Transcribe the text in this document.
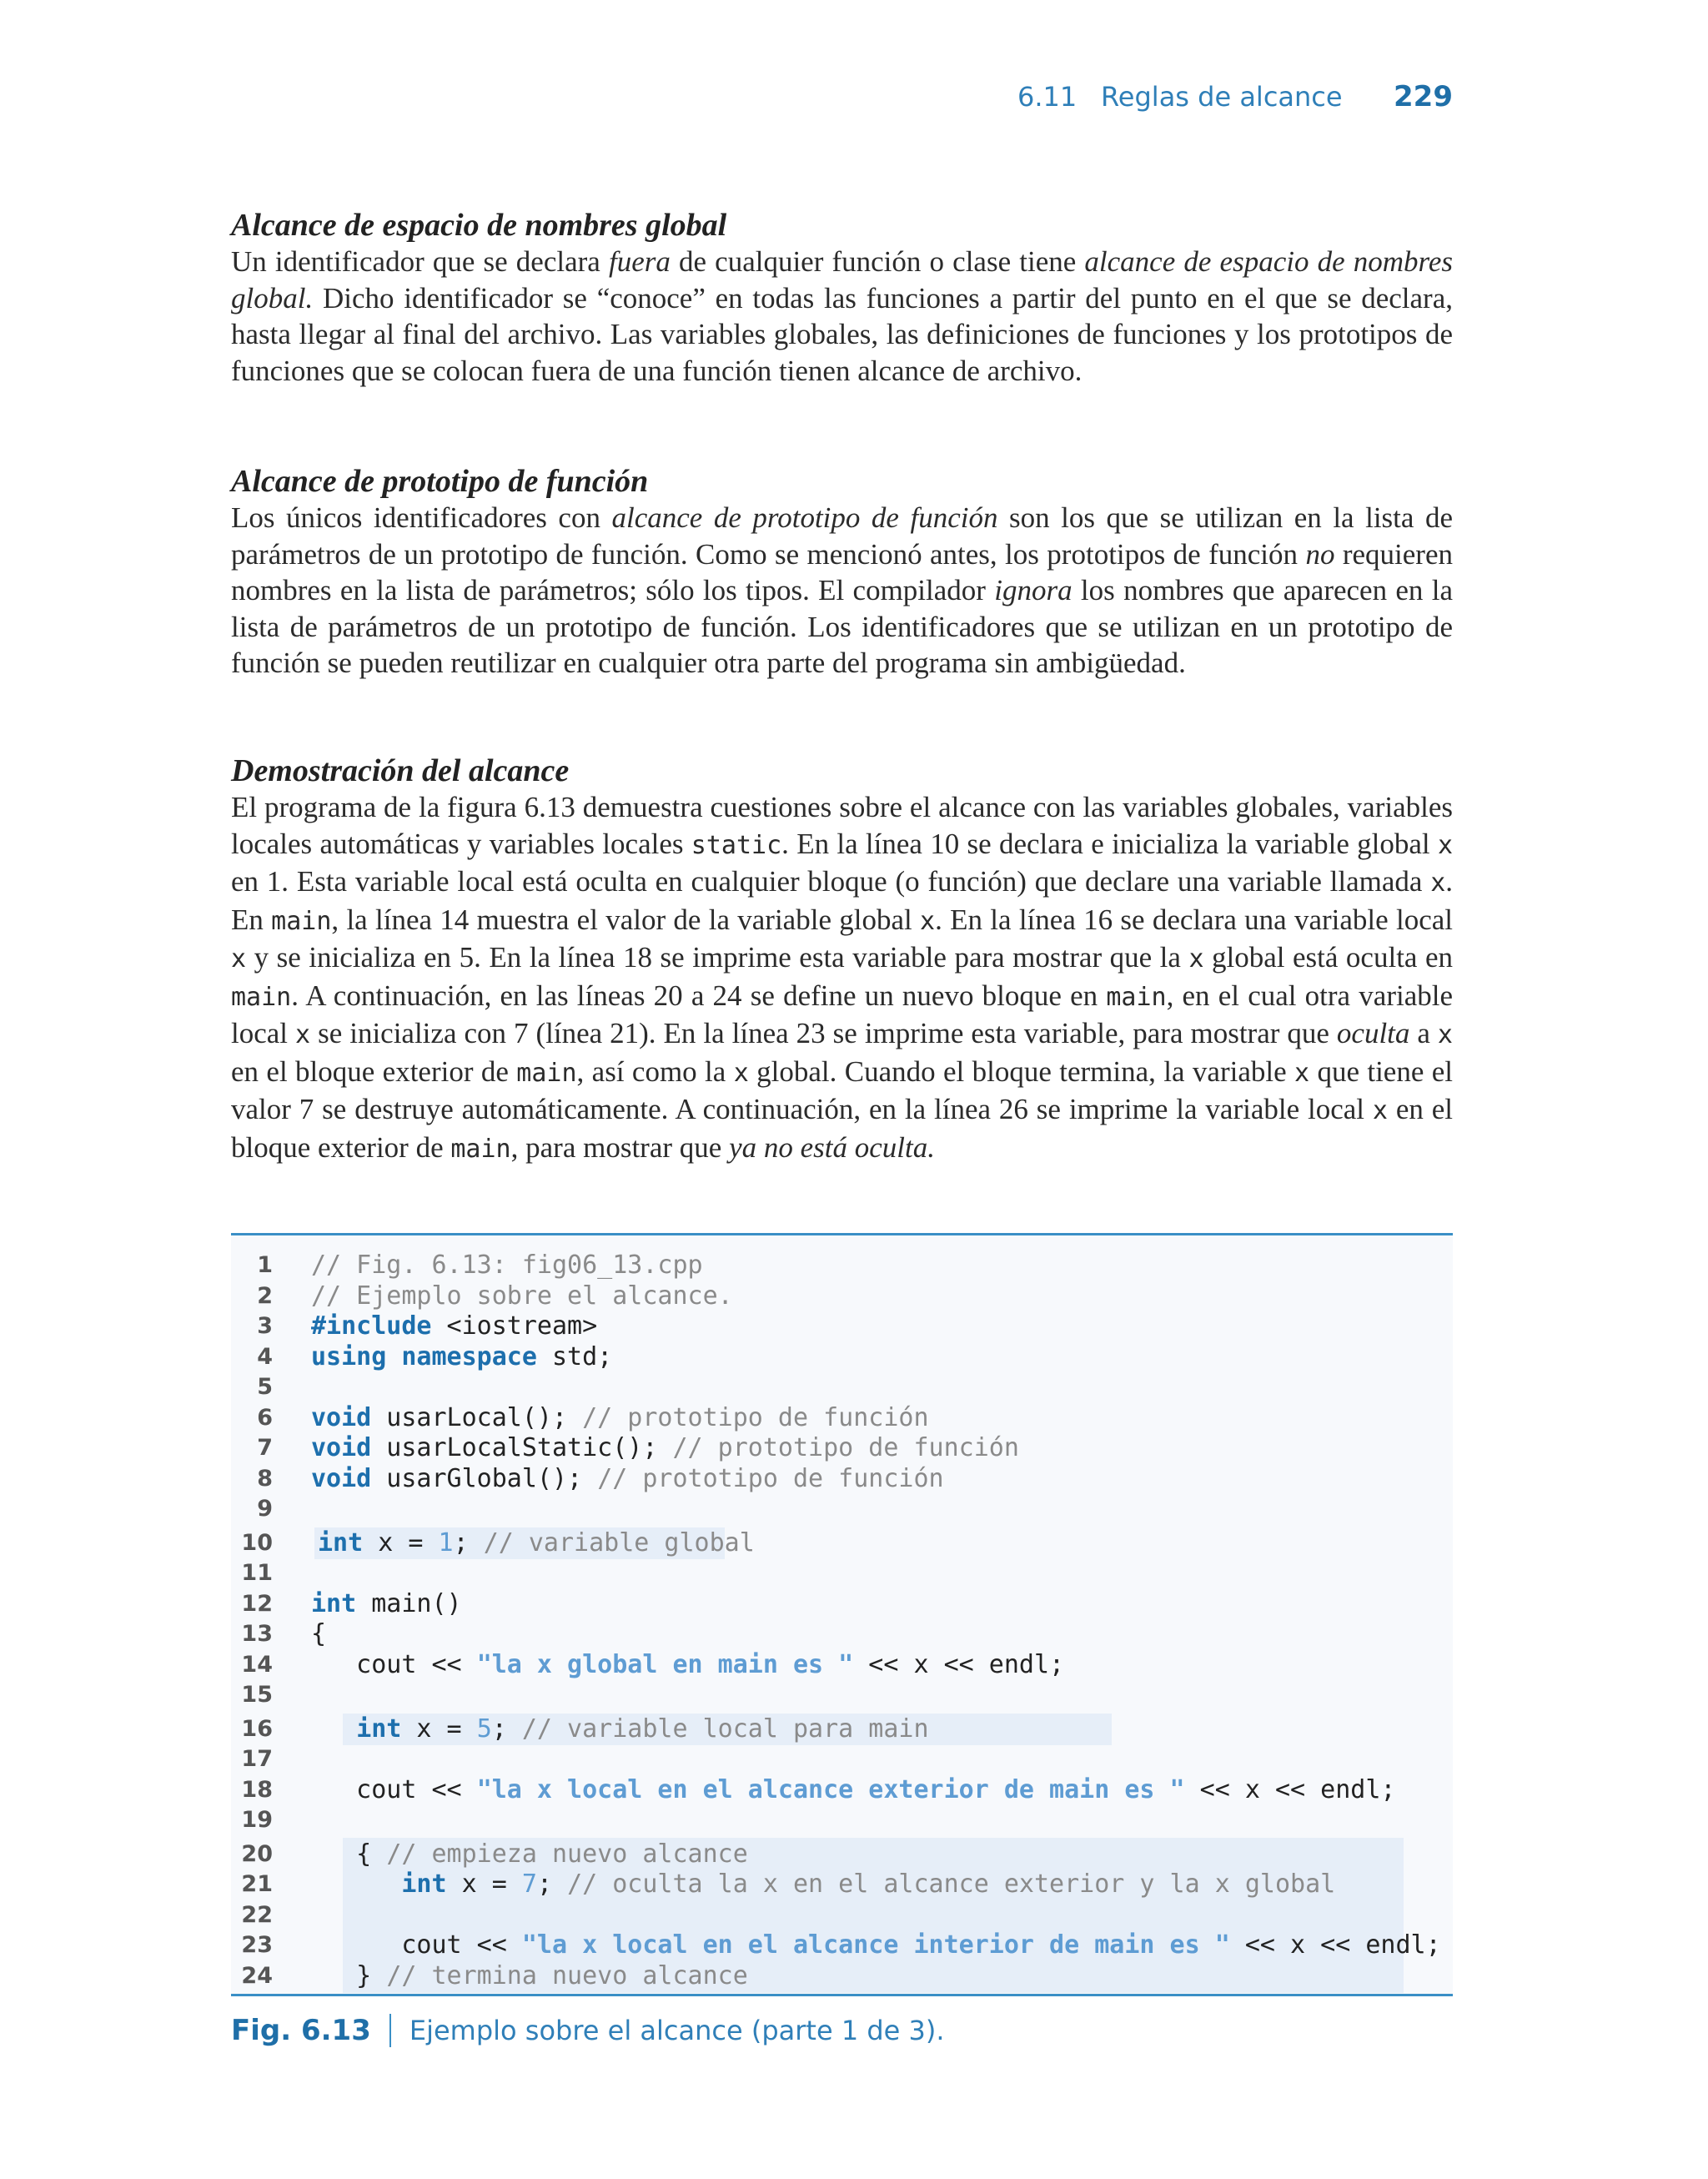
6.11 Reglas de alcance	229
Alcance de espacio de nombres global

Un identificador que se declara fuera de cualquier función o clase tiene alcance de espacio de nombres global. Dicho identificador se “conoce” en todas las funciones a partir del punto en el que se declara, hasta llegar al final del archivo. Las variables globales, las definiciones de funciones y los prototipos de funciones que se colocan fuera de una función tienen alcance de archivo.

Alcance de prototipo de función

Los únicos identificadores con alcance de prototipo de función son los que se utilizan en la lista de parámetros de un prototipo de función. Como se mencionó antes, los prototipos de función no requieren nombres en la lista de parámetros; sólo los tipos. El compilador ignora los nombres que aparecen en la lista de parámetros de un prototipo de función. Los identificadores que se utilizan en un prototipo de función se pueden reutilizar en cualquier otra parte del programa sin ambigüedad.

Demostración del alcance

El programa de la figura 6.13 demuestra cuestiones sobre el alcance con las variables globales, variables locales automáticas y variables locales static. En la línea 10 se declara e inicializa la variable global x en 1. Esta variable local está oculta en cualquier bloque (o función) que declare una variable llamada x. En main, la línea 14 muestra el valor de la variable global x. En la línea 16 se declara una variable local x y se inicializa en 5. En la línea 18 se imprime esta variable para mostrar que la x global está oculta en main. A continuación, en las líneas 20 a 24 se define un nuevo bloque en main, en el cual otra variable local x se inicializa con 7 (línea 21). En la línea 23 se imprime esta variable, para mostrar que oculta a x en el bloque exterior de main, así como la x global. Cuando el bloque termina, la variable x que tiene el valor 7 se destruye automáticamente. A continuación, en la línea 26 se imprime la variable local x en el bloque exterior de main, para mostrar que ya no está oculta.

1 // Fig. 6.13: fig06_13.cpp
2 // Ejemplo sobre el alcance.
3 #include <iostream>
4 using namespace std;
5
6 void usarLocal(); // prototipo de función
7 void usarLocalStatic(); // prototipo de función
8 void usarGlobal(); // prototipo de función
9
10 int x = 1; // variable global
11
12 int main()
13 {
14 cout << "la x global en main es " << x << endl;
15
16	int x = 5; // variable local para main
17
18 cout << "la x local en el alcance exterior de main es " << x << endl;
19
20 { // empieza nuevo alcance
21	int x = 7; // oculta la x en el alcance exterior y la x global
22
23 cout << "la x local en el alcance interior de main es " << x << endl;
24 } // termina nuevo alcance
Fig. 6.13 Ejemplo sobre el alcance (parte 1 de 3).
